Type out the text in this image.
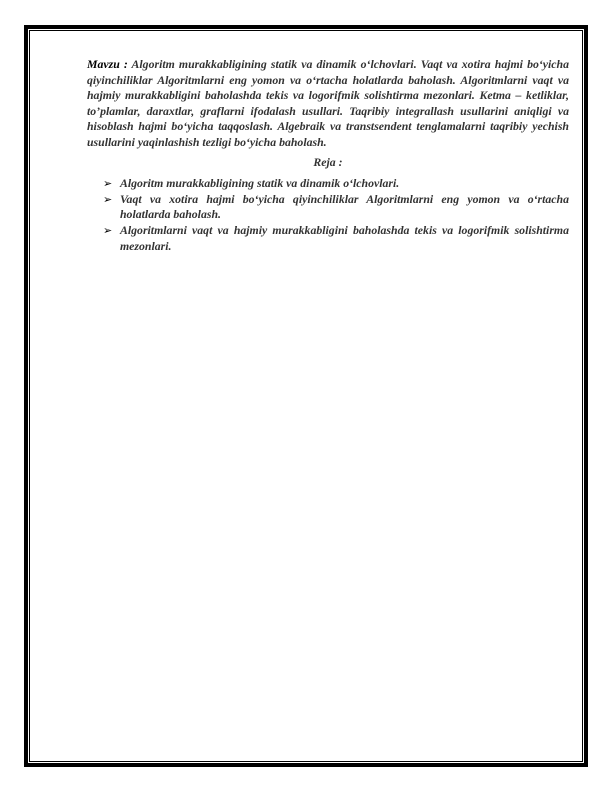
Mavzu : Algoritm murakkabligining statik va dinamik o‘lchovlari. Vaqt va xotira hajmi bo‘yicha qiyinchiliklar Algoritmlarni eng yomon va o‘rtacha holatlarda baholash. Algoritmlarni vaqt va hajmiy murakkabligini baholashda tekis va logorifmik solishtirma mezonlari. Ketma – ketliklar, to’plamlar, daraxtlar, graflarni ifodalash usullari. Taqribiy integrallash usullarini aniqligi va hisoblash hajmi bo‘yicha taqqoslash. Algebraik va transtsendent tenglamalarni taqribiy yechish usullarini yaqinlashish tezligi bo‘yicha baholash.

Reja :
➢ Algoritm murakkabligining statik va dinamik o‘lchovlari.
➢ Vaqt va xotira hajmi bo‘yicha qiyinchiliklar Algoritmlarni eng yomon va o‘rtacha holatlarda baholash.
➢ Algoritmlarni vaqt va hajmiy murakkabligini baholashda tekis va logorifmik solishtirma mezonlari.
